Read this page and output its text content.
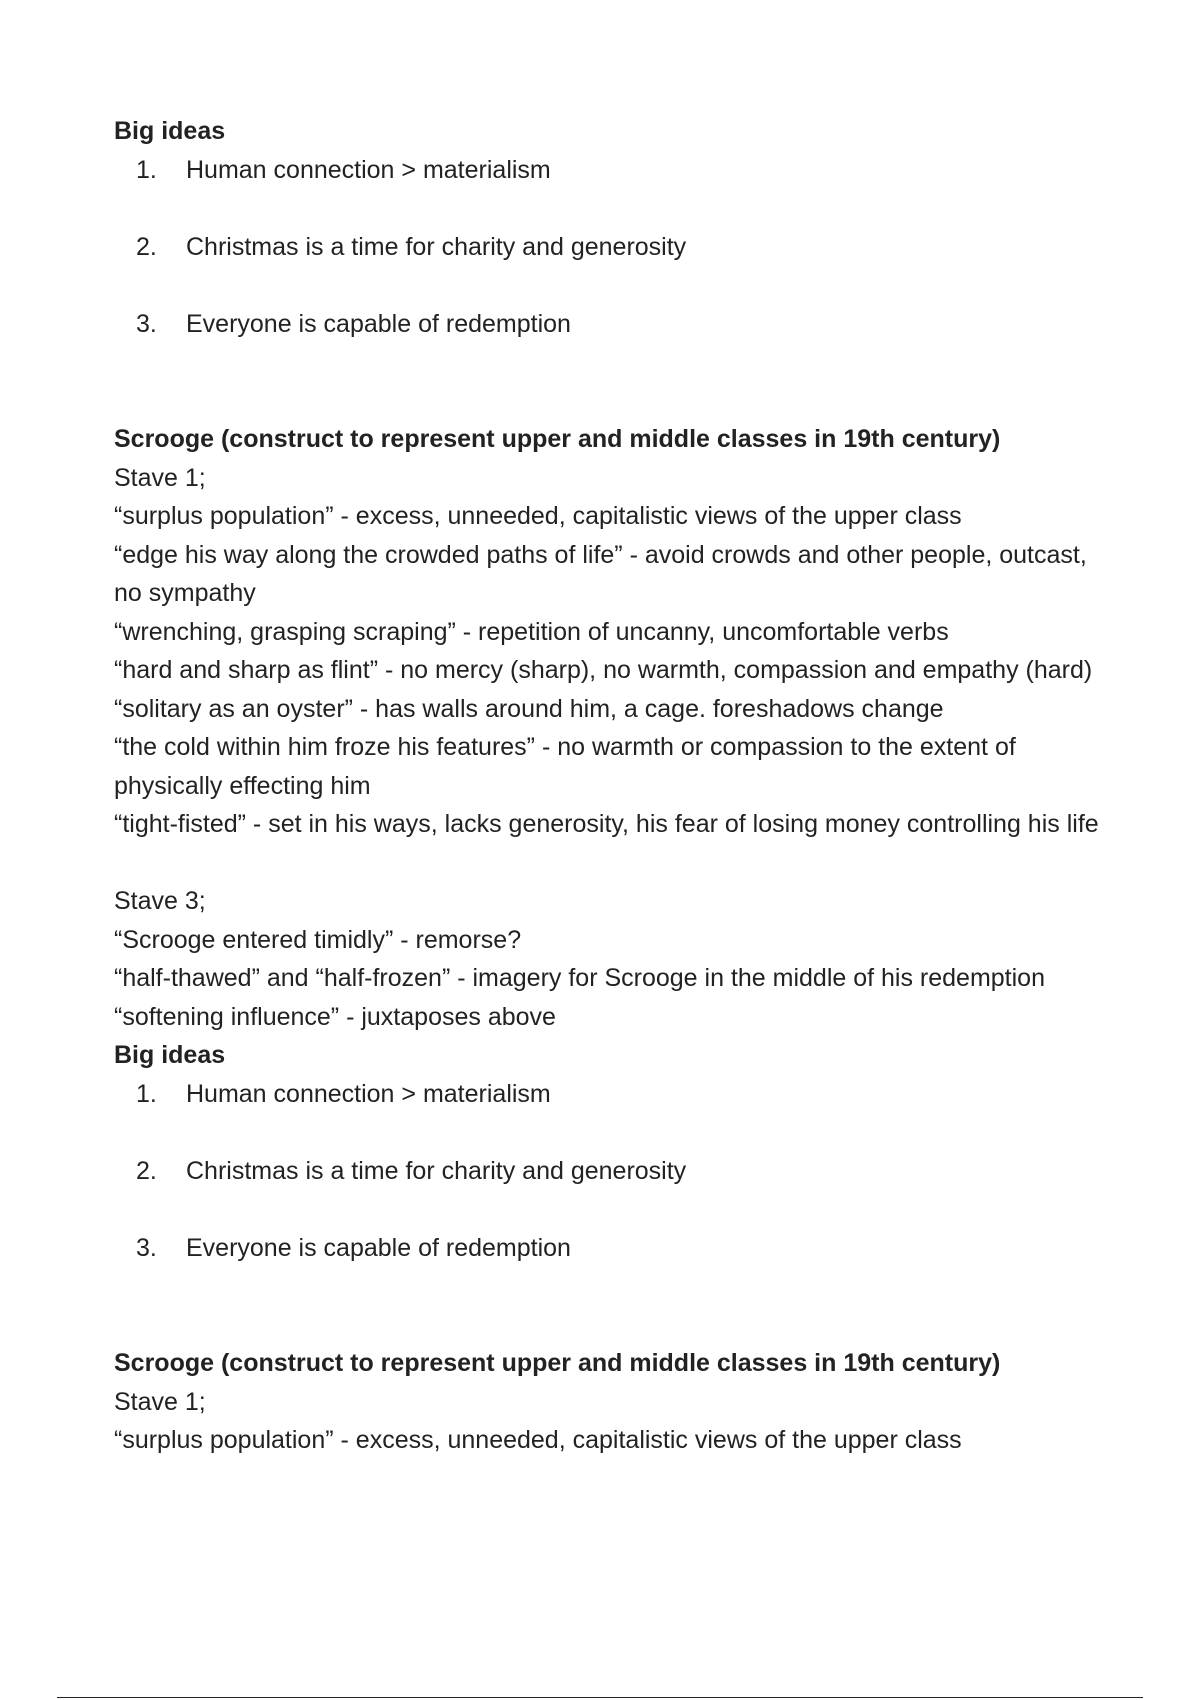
Big ideas
1.	Human connection > materialism
2.	Christmas is a time for charity and generosity
3.	Everyone is capable of redemption
Scrooge (construct to represent upper and middle classes in 19th century)
Stave 1;
“surplus population” - excess, unneeded, capitalistic views of the upper class
“edge his way along the crowded paths of life” - avoid crowds and other people, outcast, no sympathy
“wrenching, grasping scraping” - repetition of uncanny, uncomfortable verbs
“hard and sharp as flint” - no mercy (sharp), no warmth, compassion and empathy (hard)
“solitary as an oyster” - has walls around him, a cage. foreshadows change
“the cold within him froze his features” - no warmth or compassion to the extent of physically effecting him
“tight-fisted” - set in his ways, lacks generosity, his fear of losing money controlling his life
Stave 3;
“Scrooge entered timidly” - remorse?
“half-thawed” and “half-frozen” - imagery for Scrooge in the middle of his redemption
“softening influence” - juxtaposes above
Big ideas
1.	Human connection > materialism
2.	Christmas is a time for charity and generosity
3.	Everyone is capable of redemption
Scrooge (construct to represent upper and middle classes in 19th century)
Stave 1;
“surplus population” - excess, unneeded, capitalistic views of the upper class
